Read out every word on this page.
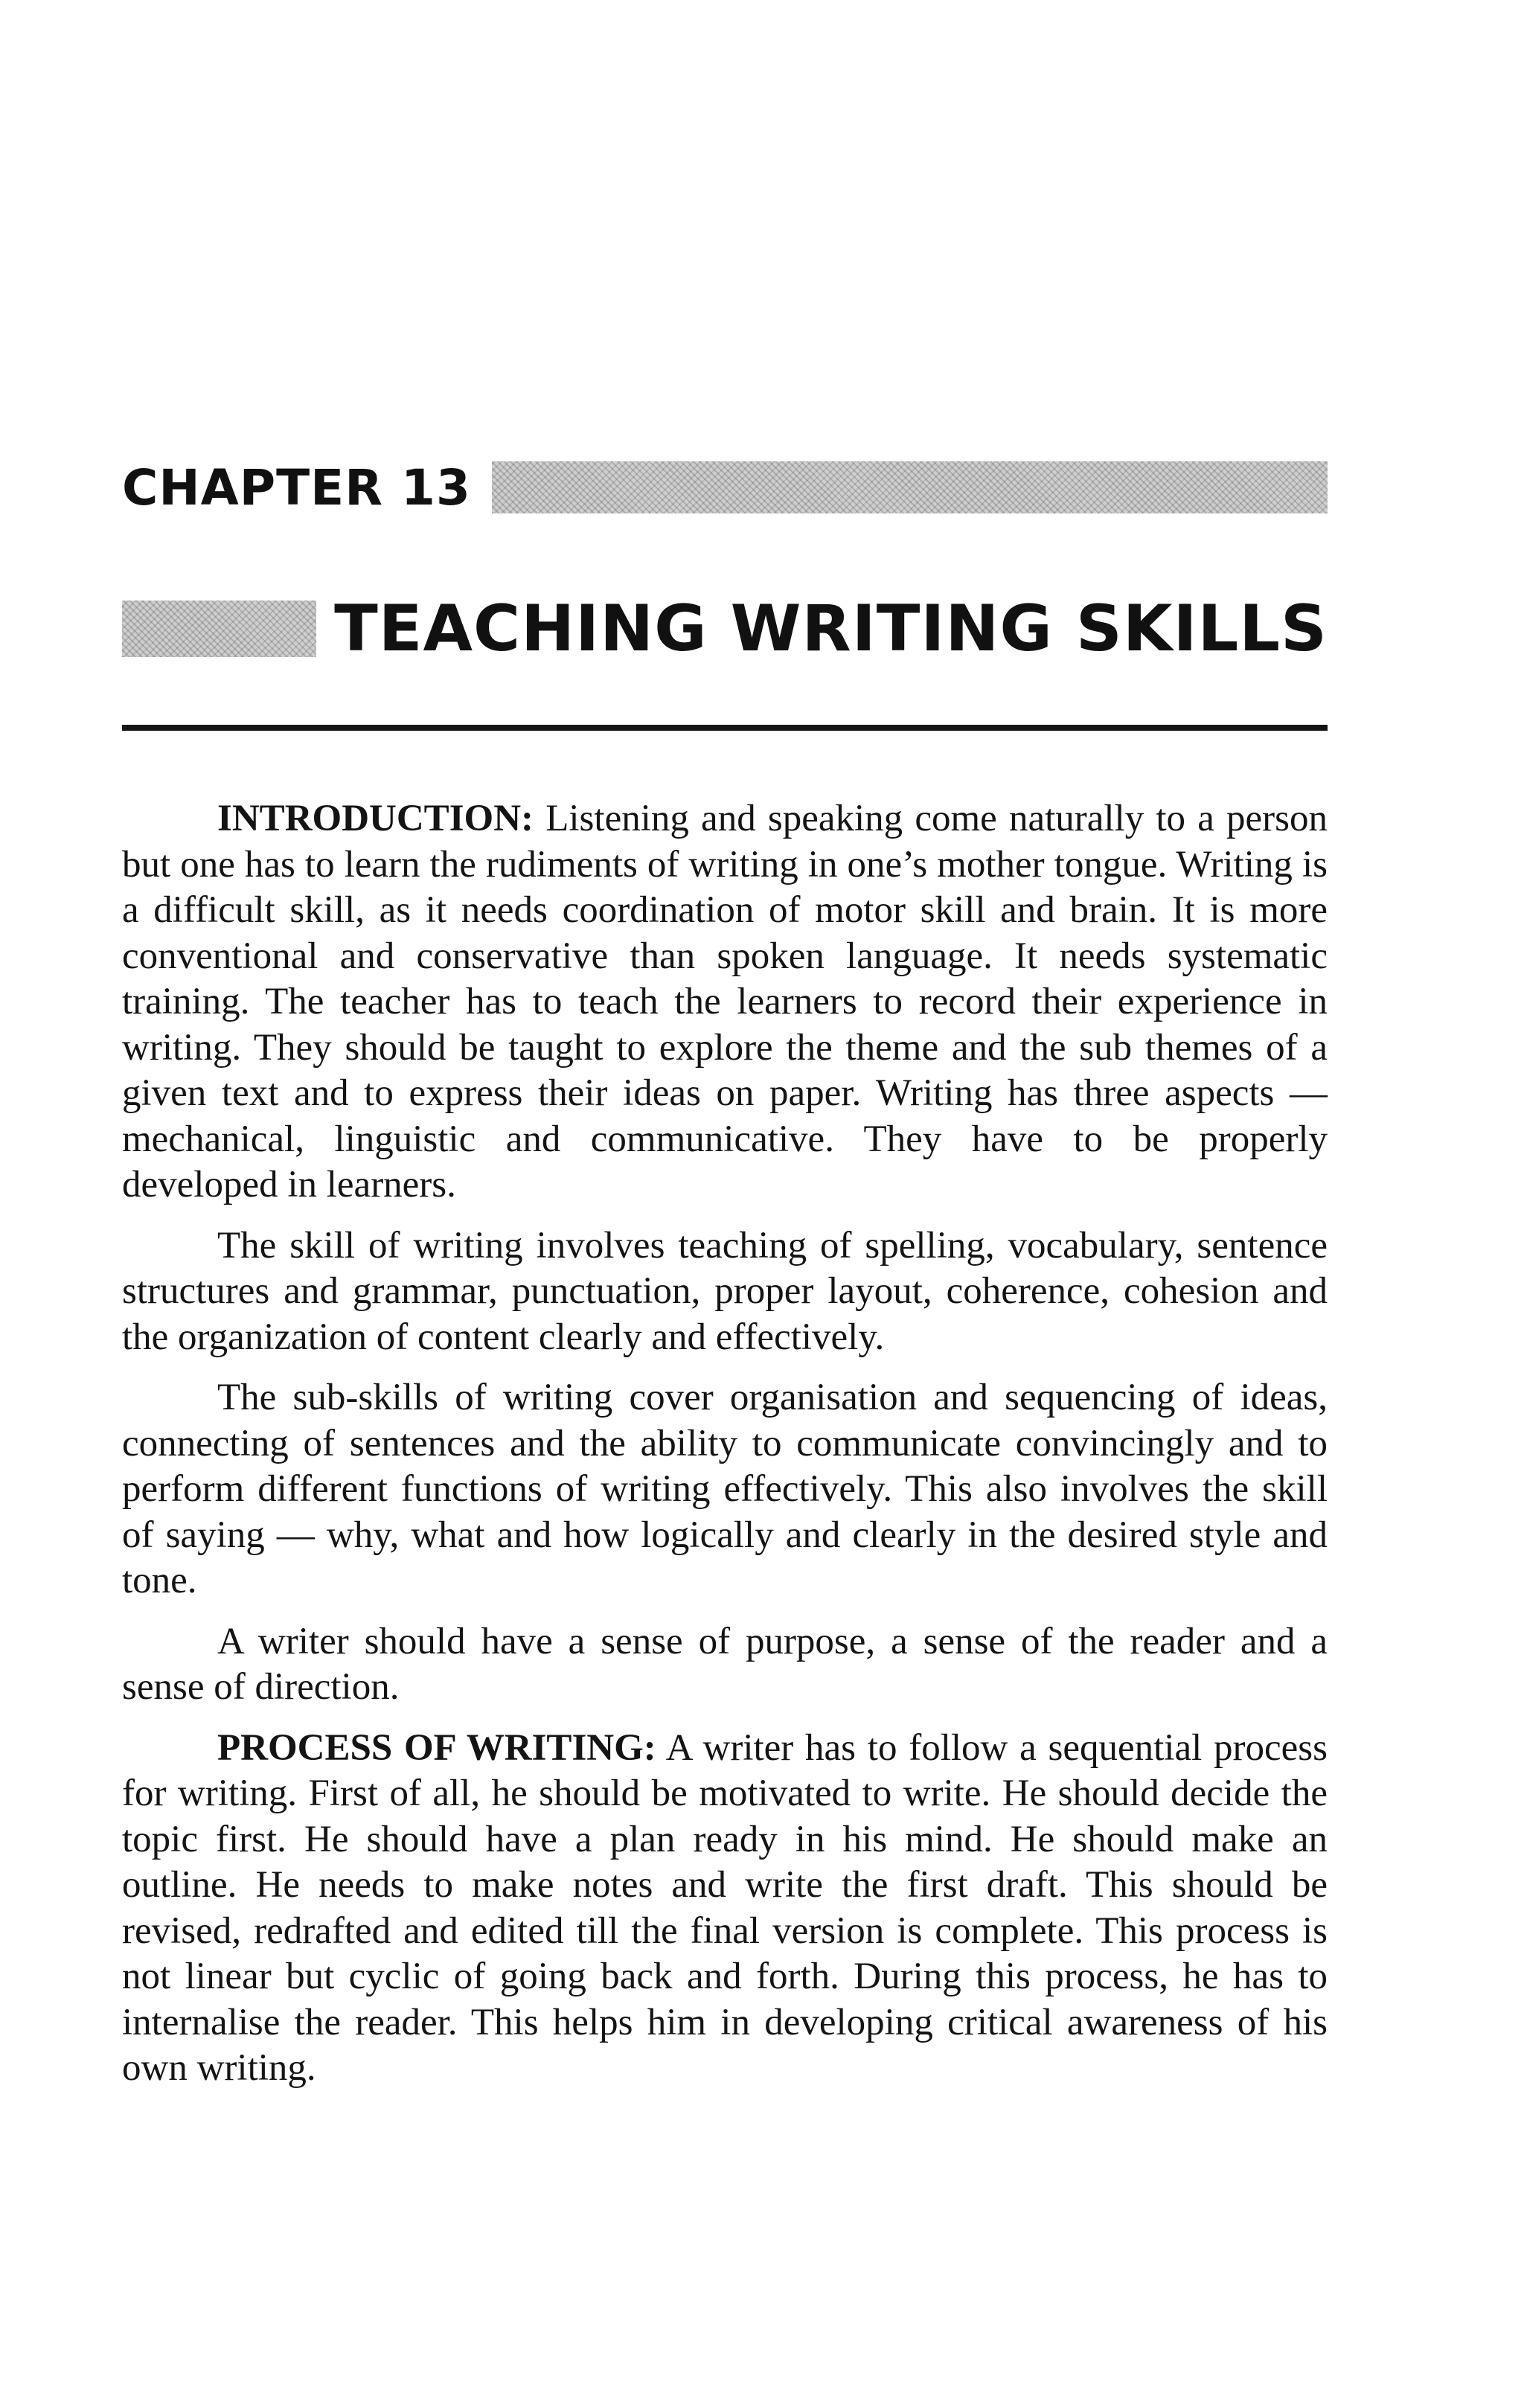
CHAPTER 13
TEACHING WRITING SKILLS

INTRODUCTION: Listening and speaking come naturally to a person but one has to learn the rudiments of writing in one’s mother tongue. Writing is a difficult skill, as it needs coordination of motor skill and brain. It is more conventional and conservative than spoken language. It needs systematic training. The teacher has to teach the learners to record their experience in writing. They should be taught to explore the theme and the sub themes of a given text and to express their ideas on paper. Writing has three aspects — mechanical, linguistic and communicative. They have to be properly developed in learners.

The skill of writing involves teaching of spelling, vocabulary, sentence structures and grammar, punctuation, proper layout, coherence, cohesion and the organization of content clearly and effectively.

The sub-skills of writing cover organisation and sequencing of ideas, connecting of sentences and the ability to communicate convincingly and to perform different functions of writing effectively. This also involves the skill of saying — why, what and how logically and clearly in the desired style and tone.

A writer should have a sense of purpose, a sense of the reader and a sense of direction.

PROCESS OF WRITING: A writer has to follow a sequential process for writing. First of all, he should be motivated to write. He should decide the topic first. He should have a plan ready in his mind. He should make an outline. He needs to make notes and write the first draft. This should be revised, redrafted and edited till the final version is complete. This process is not linear but cyclic of going back and forth. During this process, he has to internalise the reader. This helps him in developing critical awareness of his own writing.
